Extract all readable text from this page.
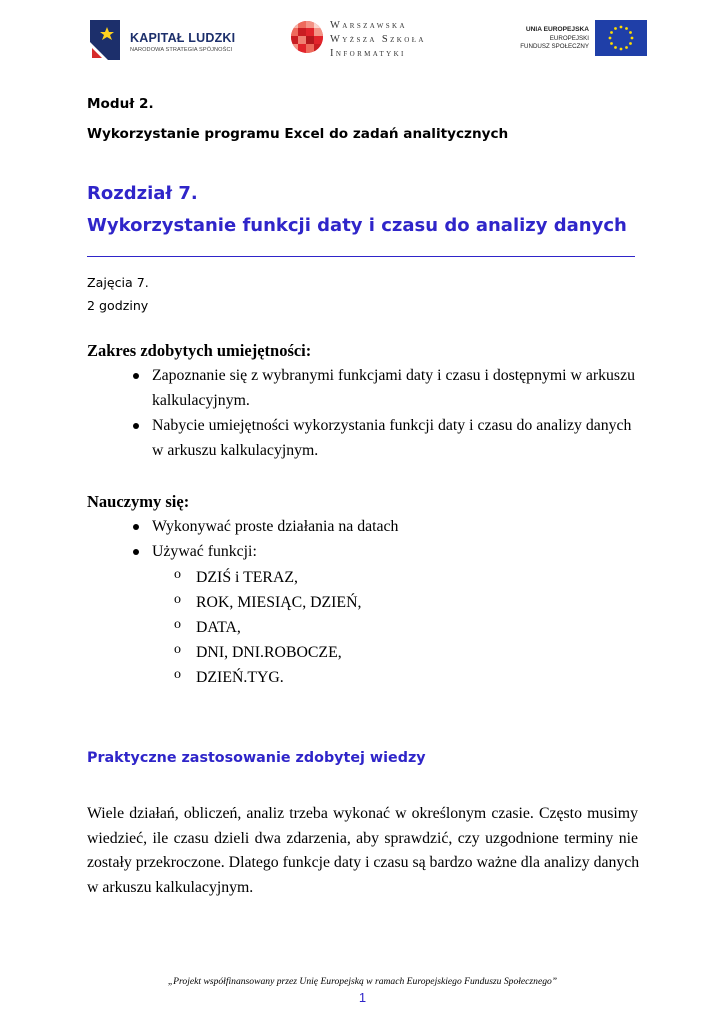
KAPITAŁ LUDZKI
NARODOWA STRATEGIA SPÓJNOŚCI
Warszawska
Wyższa Szkoła
Informatyki
UNIA EUROPEJSKA
EUROPEJSKI
FUNDUSZ SPOŁECZNY
Moduł 2.
Wykorzystanie programu Excel do zadań analitycznych
Rozdział 7.
Wykorzystanie funkcji daty i czasu do analizy danych
Zajęcia 7.
2 godziny
Zakres zdobytych umiejętności:
Zapoznanie się z wybranymi funkcjami daty i czasu i dostępnymi w arkuszu
kalkulacyjnym.
Nabycie umiejętności wykorzystania funkcji daty i czasu do analizy danych
w arkuszu kalkulacyjnym.
Nauczymy się:
Wykonywać proste działania na datach
Używać funkcji:
o DZIŚ i TERAZ,
o ROK, MIESIĄC, DZIEŃ,
o DATA,
o DNI, DNI.ROBOCZE,
o DZIEŃ.TYG.
Praktyczne zastosowanie zdobytej wiedzy
Wiele działań, obliczeń, analiz trzeba wykonać w określonym czasie. Często musimy
wiedzieć, ile czasu dzieli dwa zdarzenia, aby sprawdzić, czy uzgodnione terminy nie
zostały przekroczone. Dlatego funkcje daty i czasu są bardzo ważne dla analizy danych
w arkuszu kalkulacyjnym.
„Projekt współfinansowany przez Unię Europejską w ramach Europejskiego Funduszu Społecznego”
1
